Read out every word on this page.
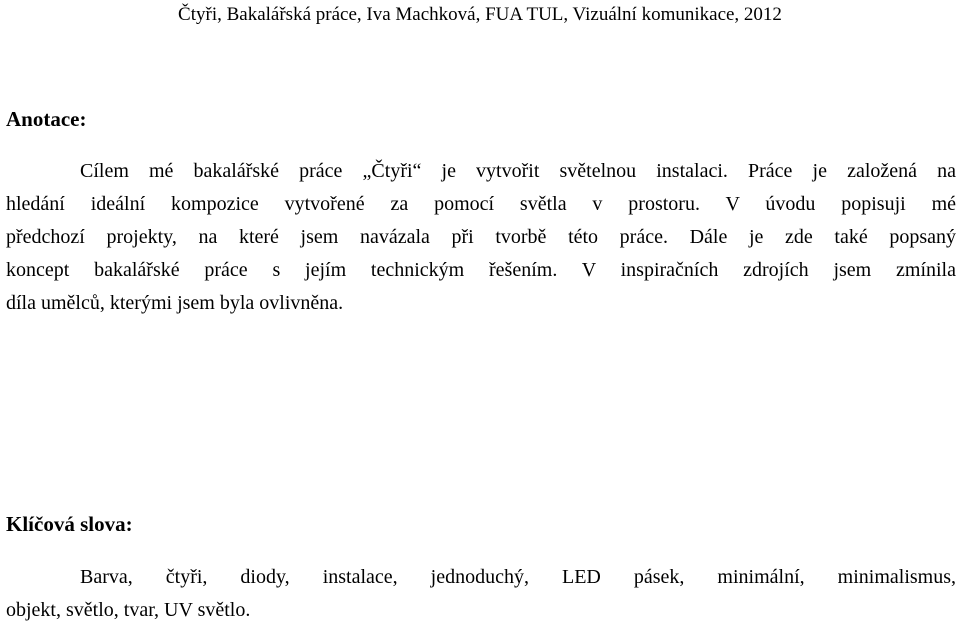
Čtyři, Bakalářská práce, Iva Machková, FUA TUL, Vizuální komunikace, 2012
Anotace:
Cílem mé bakalářské práce „Čtyři“ je vytvořit světelnou instalaci. Práce je založená na
hledání ideální kompozice vytvořené za pomocí světla v prostoru. V úvodu popisuji mé
předchozí projekty, na které jsem navázala při tvorbě této práce. Dále je zde také popsaný
koncept bakalářské práce s jejím technickým řešením. V inspiračních zdrojích jsem zmínila
díla umělců, kterými jsem byla ovlivněna.
Klíčová slova:
Barva, čtyři, diody, instalace, jednoduchý, LED pásek, minimální, minimalismus,
objekt, světlo, tvar, UV světlo.
